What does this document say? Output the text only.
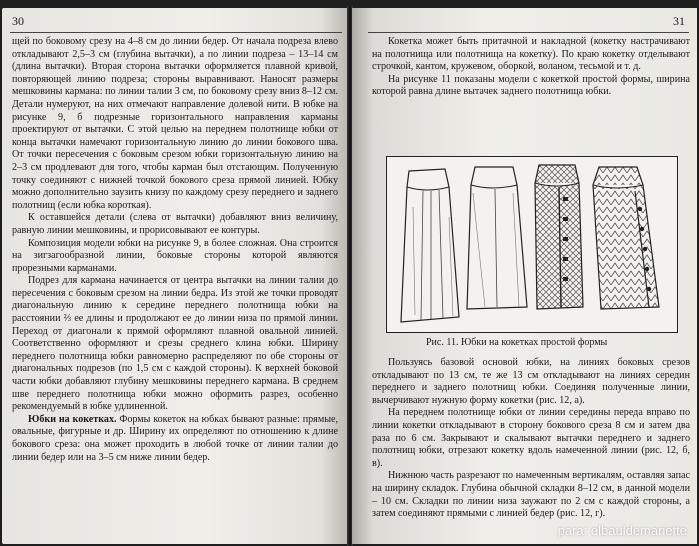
30

щей по боковому срезу на 4–8 см до линии бедер. От начала подреза влево откладывают 2,5–3 см (глубина вытачки), а по линии подреза – 13–14 см (длина вытачки). Вторая сторона вытачки оформляется плавной кривой, повторяющей линию подреза; стороны выравнивают. Наносят размеры мешковины кармана: по линии талии 3 см, по боковому срезу вниз 8–12 см. Детали нумеруют, на них отмечают направление долевой нити. В юбке на рисунке 9, б подрезные горизонтального направления карманы проектируют от вытачки. С этой целью на переднем полотнище юбки от конца вытачки намечают горизонтальную линию до линии бокового шва. От точки пересечения с боковым срезом юбки горизонтальную линию на 2–3 см продлевают для того, чтобы карман был отстающим. Полученную точку соединяют с нижней точкой бокового среза прямой линией. Юбку можно дополнительно заузить книзу по каждому срезу переднего и заднего полотнищ (если юбка короткая).

К оставшейся детали (слева от вытачки) добавляют вниз величину, равную линии мешковины, и прорисовывают ее контуры.

Композиция модели юбки на рисунке 9, в более сложная. Она строится на зигзагообразной линии, боковые стороны которой являются прорезными карманами.

Подрез для кармана начинается от центра вытачки на линии талии до пересечения с боковым срезом на линии бедра. Из этой же точки проводят диагональную линию к середине переднего полотнища юбки на расстоянии ⅔ ее длины и продолжают ее до линии низа по прямой линии. Переход от диагонали к прямой оформляют плавной овальной линией. Соответственно оформляют и срезы среднего клина юбки. Ширину переднего полотнища юбки равномерно распределяют по обе стороны от диагональных подрезов (по 1,5 см с каждой стороны). К верхней боковой части юбки добавляют глубину мешковины переднего кармана. В среднем шве переднего полотнища юбки можно оформить разрез, особенно рекомендуемый в юбке удлиненной.

Юбки на кокетках. Формы кокеток на юбках бывают разные: прямые, овальные, фигурные и др. Ширину их определяют по отношению к длине бокового среза: она может проходить в любой точке от линии талии до линии бедер или на 3–5 см ниже линии бедер.

31

Кокетка может быть притачной и накладной (кокетку настрачивают на полотнища или полотнища на кокетку). По краю кокетку отделывают строчкой, кантом, кружевом, оборкой, воланом, тесьмой и т. д.

На рисунке 11 показаны модели с кокеткой простой формы, ширина которой равна длине вытачек заднего полотнища юбки.

Рис. 11. Юбки на кокетках простой формы

Пользуясь базовой основой юбки, на линиях боковых срезов откладывают по 13 см, те же 13 см откладывают на линиях середин переднего и заднего полотнищ юбки. Соединяя полученные линии, вычерчивают нужную форму кокетки (рис. 12, а).

На переднем полотнище юбки от линии середины переда вправо по линии кокетки откладывают в сторону бокового среза 8 см и затем два раза по 6 см. Закрывают и скалывают вытачки переднего и заднего полотнищ юбки, отрезают кокетку вдоль намеченной линии (рис. 12, б, в).

Нижнюю часть разрезают по намеченным вертикалям, оставляя запас на ширину складок. Глубина обычной складки 8–12 см, в данной модели – 10 см. Складки по линии низа заужают по 2 см с каждой стороны, а затем соединяют прямыми с линией бедер (рис. 12, г).

para: elbauldemariette
